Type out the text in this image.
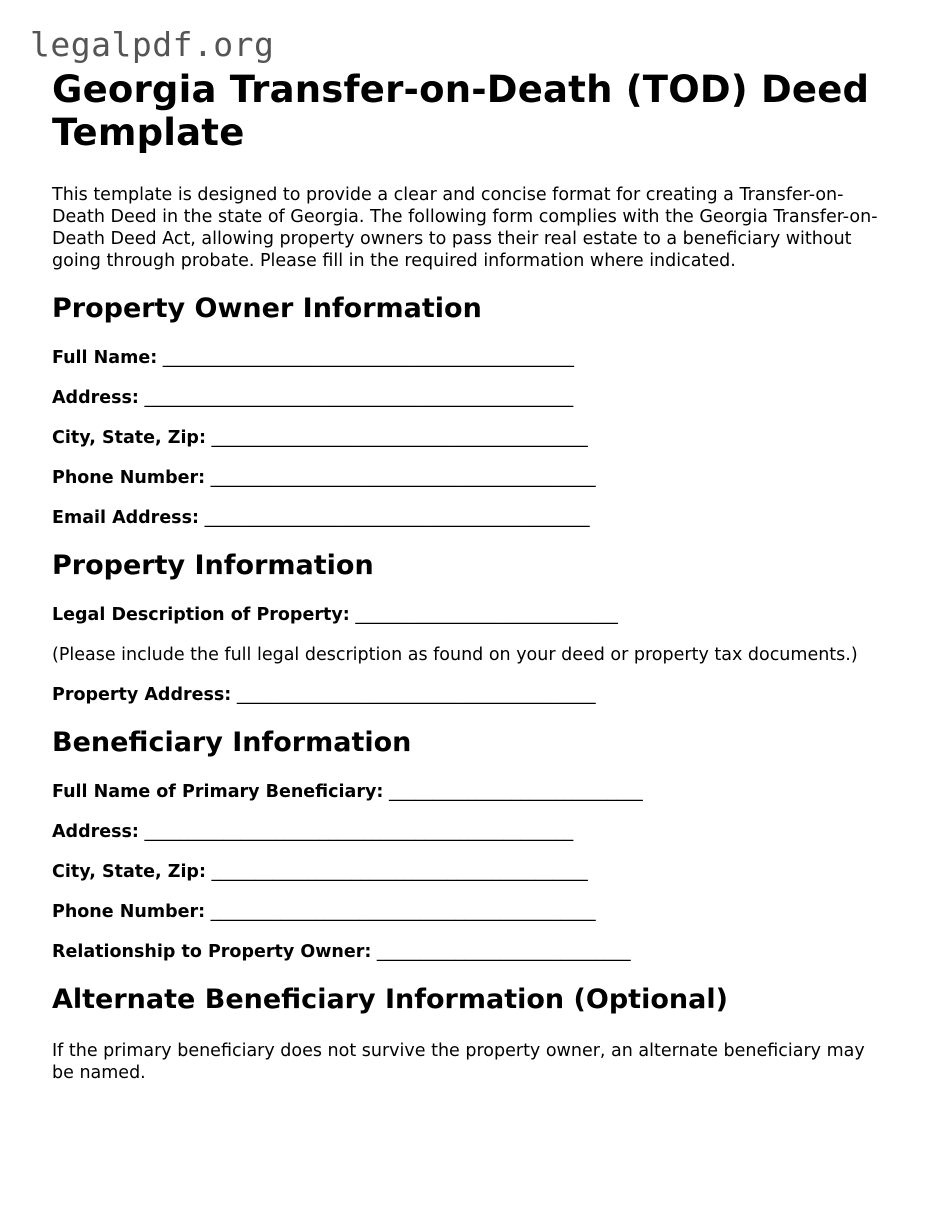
legalpdf.org
Georgia Transfer-on-Death (TOD) Deed Template

This template is designed to provide a clear and concise format for creating a Transfer-on-Death Deed in the state of Georgia. The following form complies with the Georgia Transfer-on-Death Deed Act, allowing property owners to pass their real estate to a beneficiary without going through probate. Please fill in the required information where indicated.

Property Owner Information
Full Name: _______________________________________________
Address: _________________________________________________
City, State, Zip: ___________________________________________
Phone Number: ____________________________________________
Email Address: ____________________________________________
Property Information
Legal Description of Property: ______________________________
(Please include the full legal description as found on your deed or property tax documents.)
Property Address: _________________________________________
Beneficiary Information
Full Name of Primary Beneficiary: _____________________________
Address: _________________________________________________
City, State, Zip: ___________________________________________
Phone Number: ____________________________________________
Relationship to Property Owner: _____________________________
Alternate Beneficiary Information (Optional)

If the primary beneficiary does not survive the property owner, an alternate beneficiary may be named.
